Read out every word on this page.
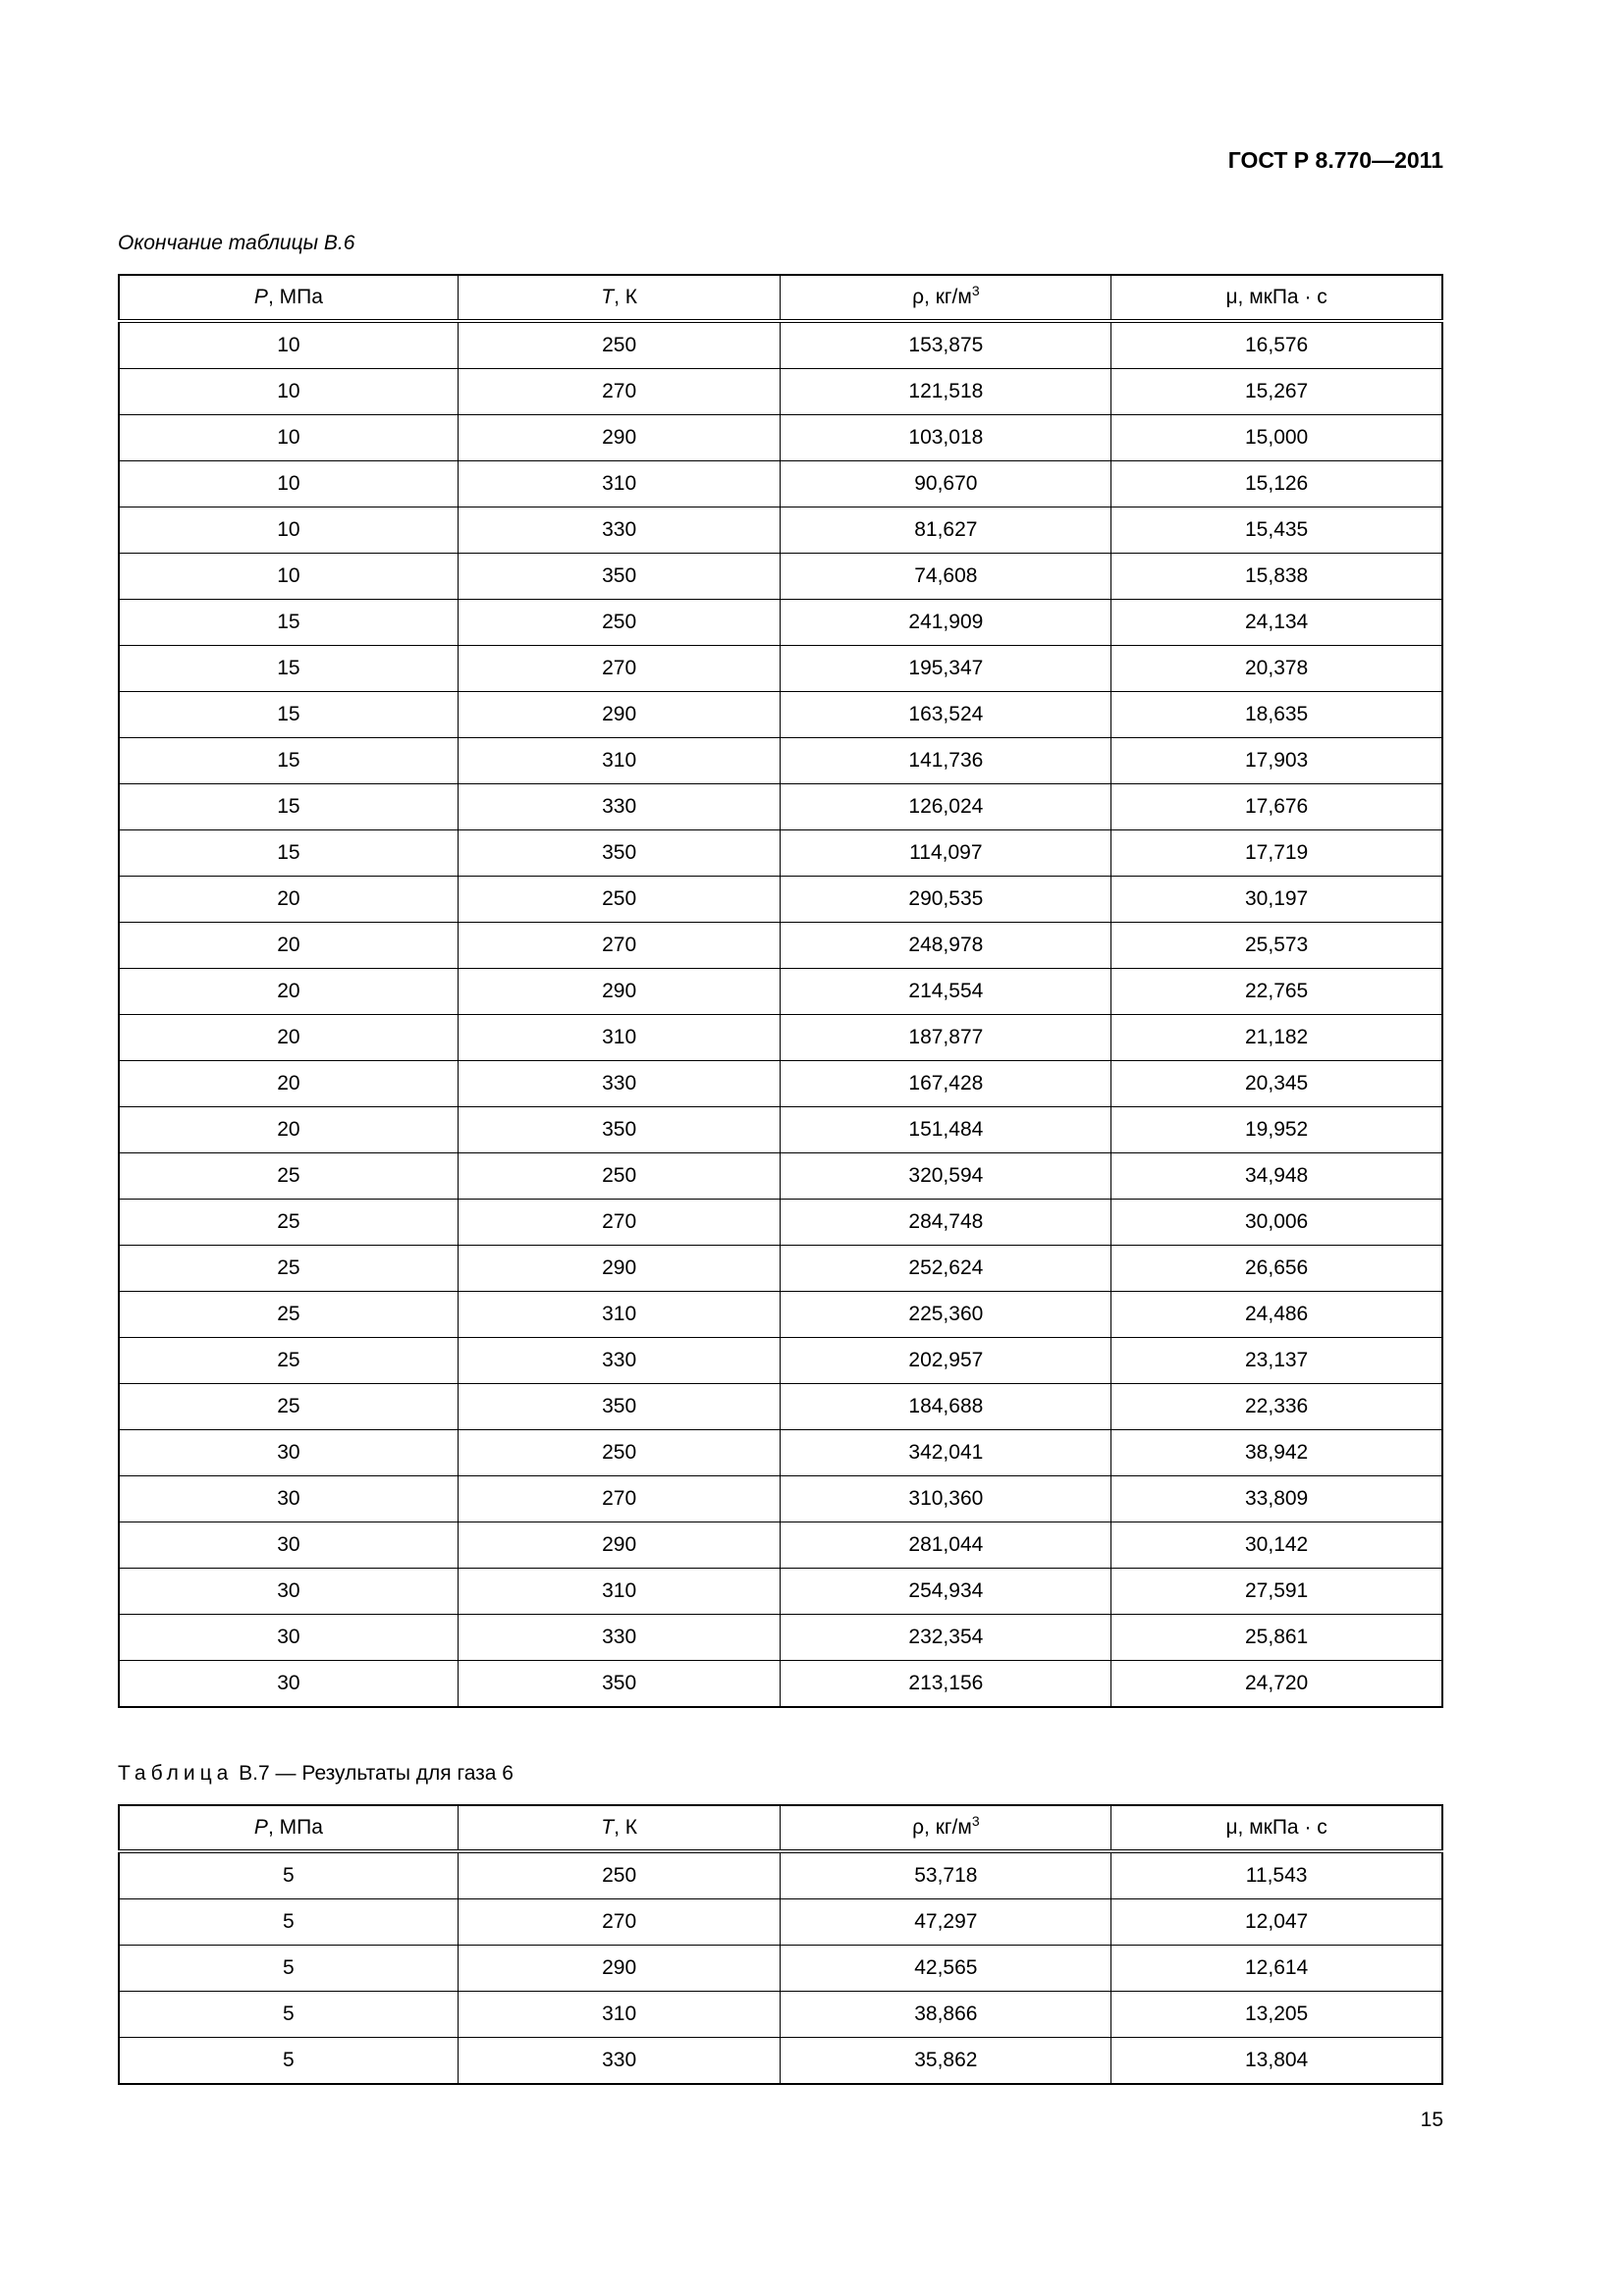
ГОСТ Р 8.770—2011
Окончание таблицы В.6
P, МПа	T, К	ρ, $кг/м^3$	μ, мкПа · с
10	250	153,875	16,576
10	270	121,518	15,267
10	290	103,018	15,000
10	310	90,670	15,126
10	330	81,627	15,435
10	350	74,608	15,838
15	250	241,909	24,134
15	270	195,347	20,378
15	290	163,524	18,635
15	310	141,736	17,903
15	330	126,024	17,676
15	350	114,097	17,719
20	250	290,535	30,197
20	270	248,978	25,573
20	290	214,554	22,765
20	310	187,877	21,182
20	330	167,428	20,345
20	350	151,484	19,952
25	250	320,594	34,948
25	270	284,748	30,006
25	290	252,624	26,656
25	310	225,360	24,486
25	330	202,957	23,137
25	350	184,688	22,336
30	250	342,041	38,942
30	270	310,360	33,809
30	290	281,044	30,142
30	310	254,934	27,591
30	330	232,354	25,861
30	350	213,156	24,720
Таблица В.7 — Результаты для газа 6
P, МПа	T, К	ρ, $кг/м^3$	μ, мкПа · с
5	250	53,718	11,543
5	270	47,297	12,047
5	290	42,565	12,614
5	310	38,866	13,205
5	330	35,862	13,804
15
